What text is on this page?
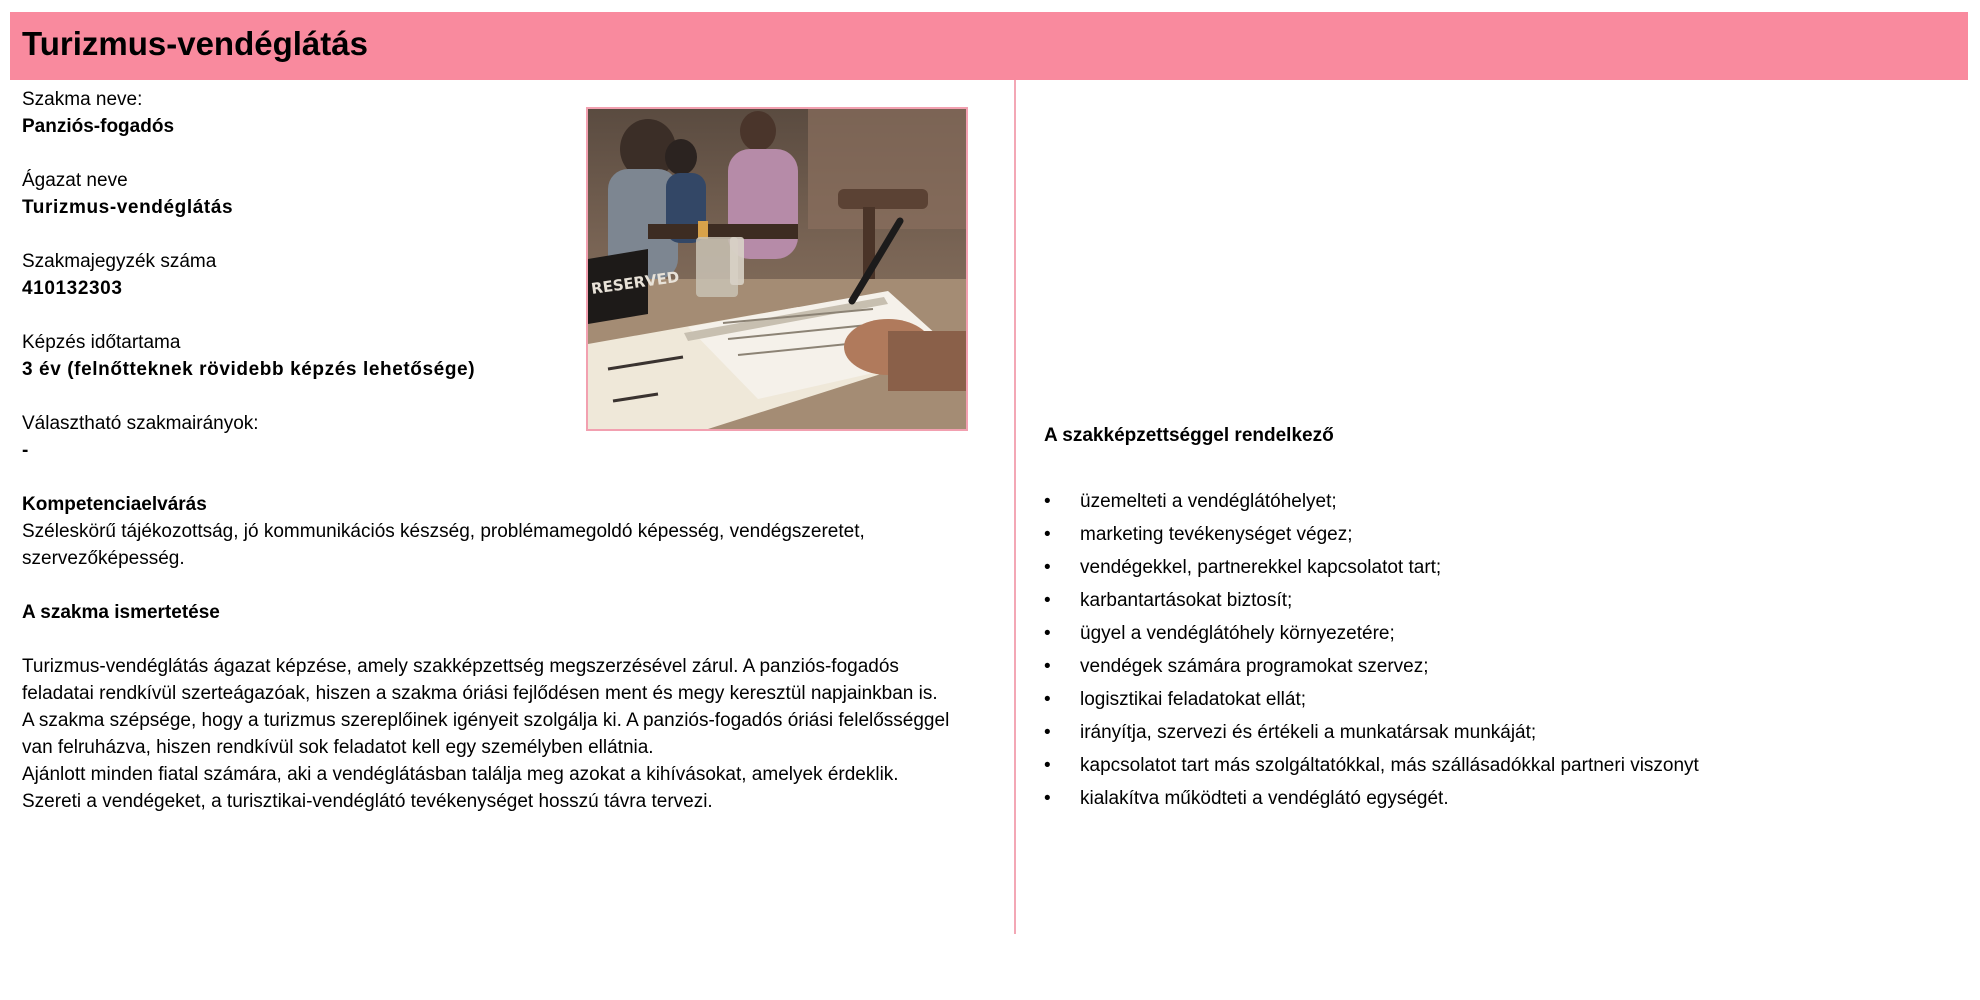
Turizmus-vendéglátás
Szakma neve:
Panziós-fogadós
Ágazat neve
Turizmus-vendéglátás
Szakmajegyzék száma
410132303
Képzés időtartama
3 év (felnőtteknek rövidebb képzés lehetősége)
Választható szakmairányok:
-
Kompetenciaelvárás
Széleskörű tájékozottság, jó kommunikációs készség, problémamegoldó képesség, vendégszeretet,
szervezőképesség.
A szakma ismertetése
Turizmus-vendéglátás ágazat képzése, amely szakképzettség megszerzésével zárul. A panziós-fogadós
feladatai rendkívül szerteágazóak, hiszen a szakma óriási fejlődésen ment és megy keresztül napjainkban is.
A szakma szépsége, hogy a turizmus szereplőinek igényeit szolgálja ki. A panziós-fogadós óriási felelősséggel
van felruházva, hiszen rendkívül sok feladatot kell egy személyben ellátnia.
Ajánlott minden fiatal számára, aki a vendéglátásban találja meg azokat a kihívásokat, amelyek érdeklik.
Szereti a vendégeket, a turisztikai-vendéglátó tevékenységet hosszú távra tervezi.
RESERVED
A szakképzettséggel rendelkező
• üzemelteti a vendéglátóhelyet;
• marketing tevékenységet végez;
• vendégekkel, partnerekkel kapcsolatot tart;
• karbantartásokat biztosít;
• ügyel a vendéglátóhely környezetére;
• vendégek számára programokat szervez;
• logisztikai feladatokat ellát;
• irányítja, szervezi és értékeli a munkatársak munkáját;
• kapcsolatot tart más szolgáltatókkal, más szállásadókkal partneri viszonyt
• kialakítva működteti a vendéglátó egységét.
